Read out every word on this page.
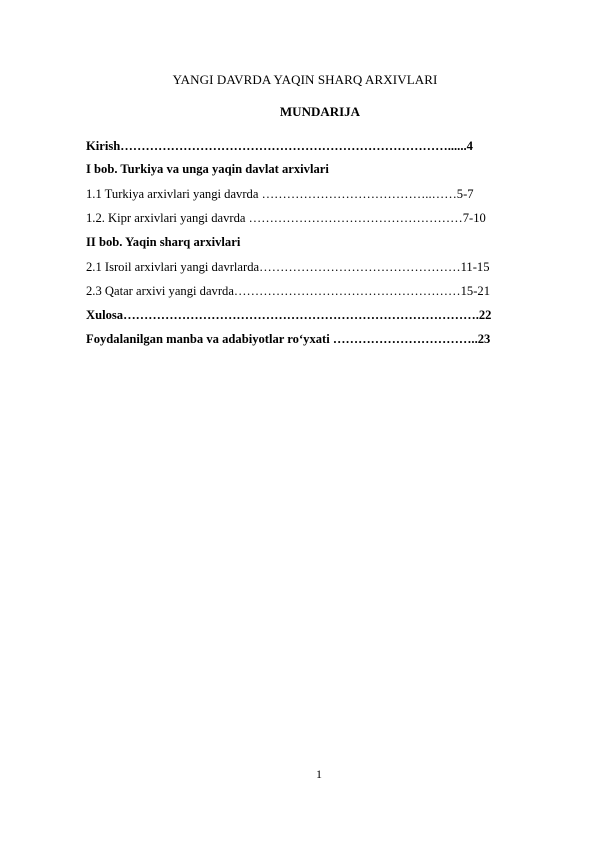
YANGI DAVRDA YAQIN SHARQ ARXIVLARI
MUNDARIJA
Kirish……………………………………………………………………......4
I bob. Turkiya va unga yaqin davlat arxivlari
1.1 Turkiya arxivlari yangi davrda …………………………………..……5-7
1.2. Kipr arxivlari yangi davrda ……………………………………………7-10
II bob. Yaqin sharq arxivlari
2.1 Isroil arxivlari yangi davrlarda…………………………………………11-15
2.3 Qatar arxivi yangi davrda………………………………………………15-21
Xulosa………………………………………………………………………….22
Foydalanilgan manba va adabiyotlar ro‘yxati ……………………………..23
1
